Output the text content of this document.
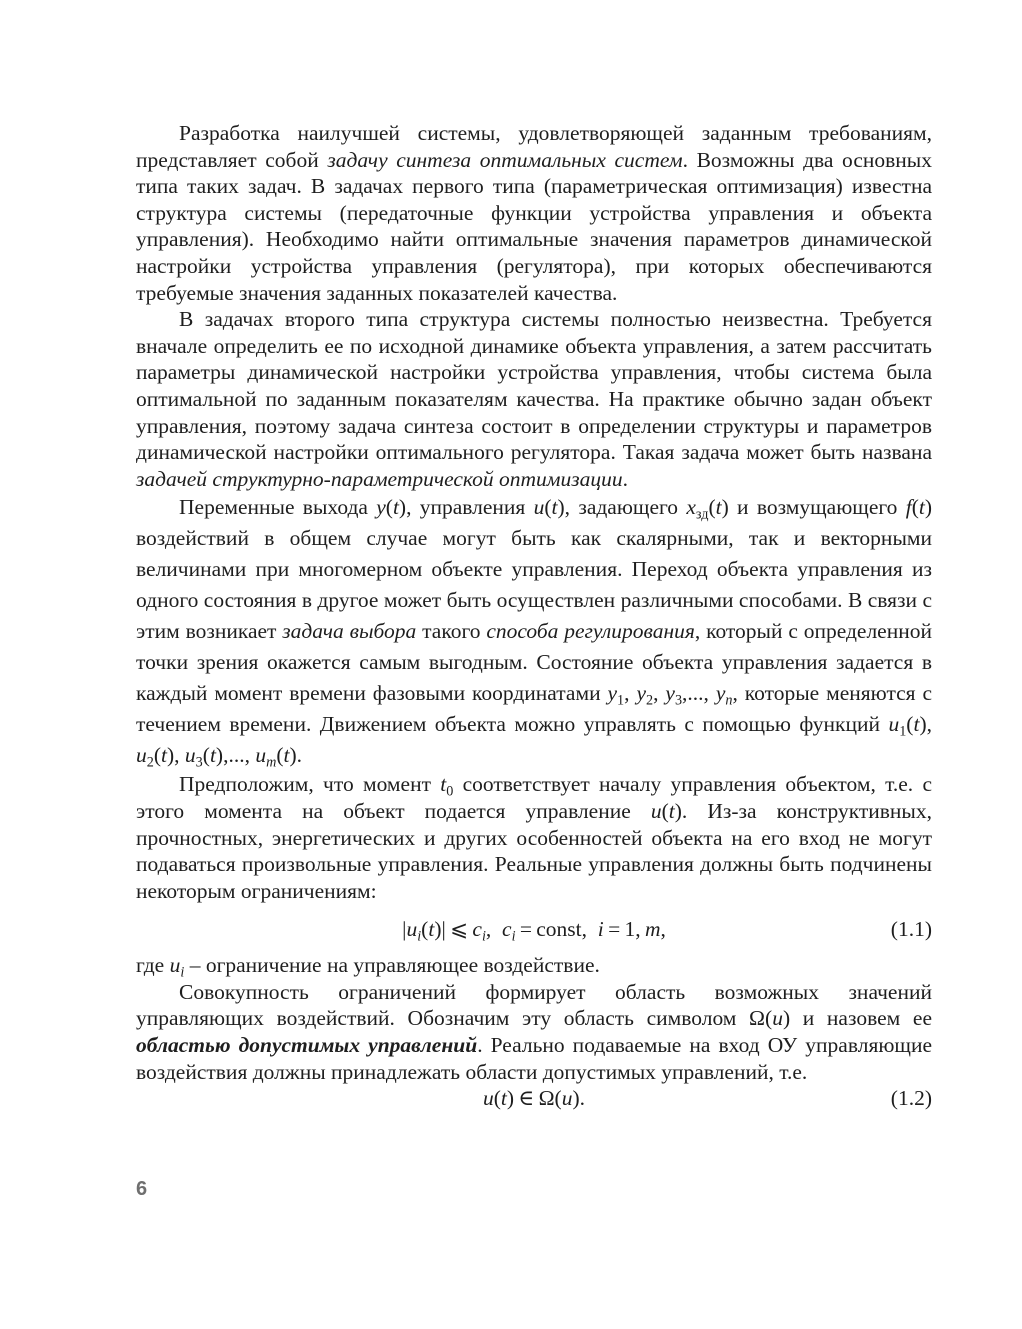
Разработка наилучшей системы, удовлетворяющей заданным требованиям, представляет собой задачу синтеза оптимальных систем. Возможны два основных типа таких задач. В задачах первого типа (параметрическая оптимизация) известна структура системы (передаточные функции устройства управления и объекта управления). Необходимо найти оптимальные значения параметров динамической настройки устройства управления (регулятора), при которых обеспечиваются требуемые значения заданных показателей качества.

В задачах второго типа структура системы полностью неизвестна. Требуется вначале определить ее по исходной динамике объекта управления, а затем рассчитать параметры динамической настройки устройства управления, чтобы система была оптимальной по заданным показателям качества. На практике обычно задан объект управления, поэтому задача синтеза состоит в определении структуры и параметров динамической настройки оптимального регулятора. Такая задача может быть названа задачей структурно-параметрической оптимизации.

Переменные выхода y(t), управления u(t), задающего $x_{зд}(t)$ и возмущающего f(t) воздействий в общем случае могут быть как скалярными, так и векторными величинами при многомерном объекте управления. Переход объекта управления из одного состояния в другое может быть осуществлен различными способами. В связи с этим возникает задача выбора такого способа регулирования, который с определенной точки зрения окажется самым выгодным. Состояние объекта управления задается в каждый момент времени фазовыми координатами $y_1$, $y_2$, $y_3$,..., $y_n$, которые меняются с течением времени. Движением объекта можно управлять с помощью функций $u_1(t)$, $u_2(t)$, $u_3(t)$,..., $u_m(t)$.

Предположим, что момент $t_0$ соответствует началу управления объектом, т.е. с этого момента на объект подается управление u(t). Из-за конструктивных, прочностных, энергетических и других особенностей объекта на его вход не могут подаваться произвольные управления. Реальные управления должны быть подчинены некоторым ограничениям:

$|u_i(t)|$ ⩽ $c_i$, $c_i$ = const, i = 1, m,	(1.1)

где $u_i$ – ограничение на управляющее воздействие.

Совокупность ограничений формирует область возможных значений управляющих воздействий. Обозначим эту область символом Ω(u) и назовем ее областью допустимых управлений. Реально подаваемые на вход ОУ управляющие воздействия должны принадлежать области допустимых управлений, т.е.

u(t) ∈ Ω(u).	(1.2)
6
